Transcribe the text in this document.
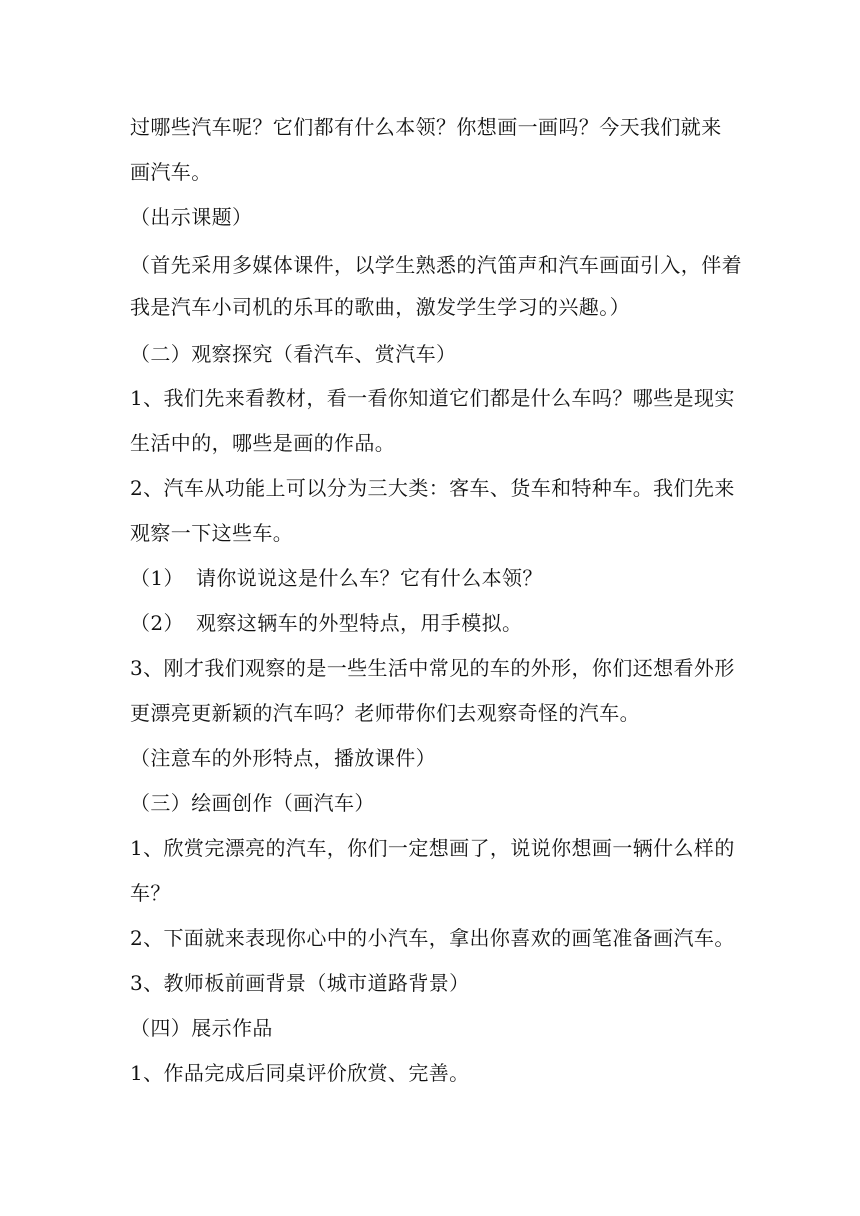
过哪些汽车呢？它们都有什么本领？你想画一画吗？今天我们就来
画汽车。
（出示课题）
（首先采用多媒体课件，以学生熟悉的汽笛声和汽车画面引入，伴着
我是汽车小司机的乐耳的歌曲，激发学生学习的兴趣。）
（二）观察探究（看汽车、赏汽车）
1、我们先来看教材，看一看你知道它们都是什么车吗？哪些是现实
生活中的，哪些是画的作品。
2、汽车从功能上可以分为三大类：客车、货车和特种车。我们先来
观察一下这些车。
（1） 请你说说这是什么车？它有什么本领？
（2） 观察这辆车的外型特点，用手模拟。
3、刚才我们观察的是一些生活中常见的车的外形，你们还想看外形
更漂亮更新颖的汽车吗？老师带你们去观察奇怪的汽车。
（注意车的外形特点，播放课件）
（三）绘画创作（画汽车）
1、欣赏完漂亮的汽车，你们一定想画了，说说你想画一辆什么样的
车？
2、下面就来表现你心中的小汽车，拿出你喜欢的画笔准备画汽车。
3、教师板前画背景（城市道路背景）
（四）展示作品
1、作品完成后同桌评价欣赏、完善。
